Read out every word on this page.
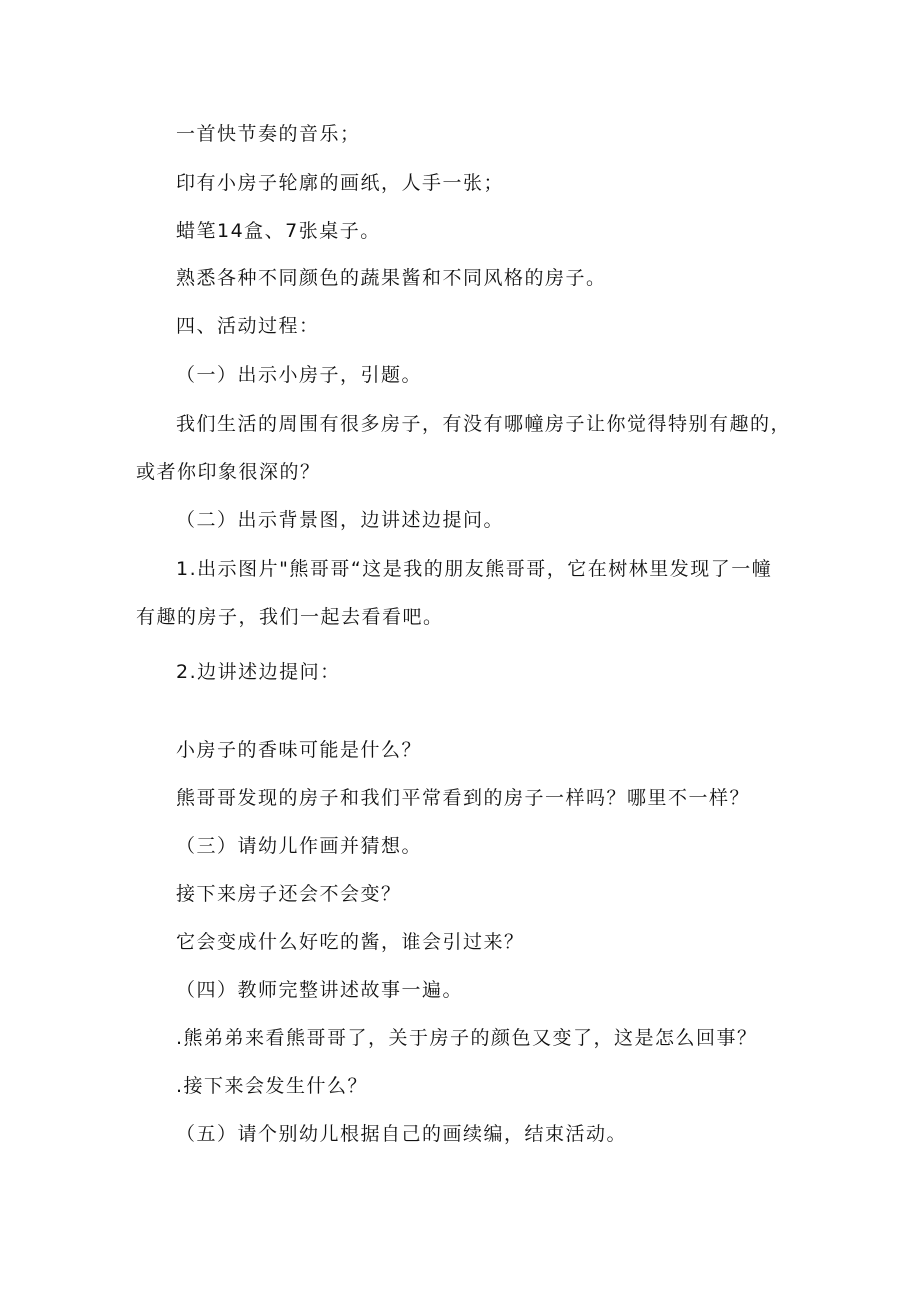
一首快节奏的音乐；
印有小房子轮廓的画纸，人手一张；
蜡笔14盒、7张桌子。
熟悉各种不同颜色的蔬果酱和不同风格的房子。
四、活动过程：
（一）出示小房子，引题。
我们生活的周围有很多房子，有没有哪幢房子让你觉得特别有趣的，
或者你印象很深的？
（二）出示背景图，边讲述边提问。
1.出示图片"熊哥哥“这是我的朋友熊哥哥，它在树林里发现了一幢
有趣的房子，我们一起去看看吧。
2.边讲述边提问：
小房子的香味可能是什么？
熊哥哥发现的房子和我们平常看到的房子一样吗？哪里不一样？
（三）请幼儿作画并猜想。
接下来房子还会不会变？
它会变成什么好吃的酱，谁会引过来？
（四）教师完整讲述故事一遍。
.熊弟弟来看熊哥哥了，关于房子的颜色又变了，这是怎么回事？
.接下来会发生什么？
（五）请个别幼儿根据自己的画续编，结束活动。
